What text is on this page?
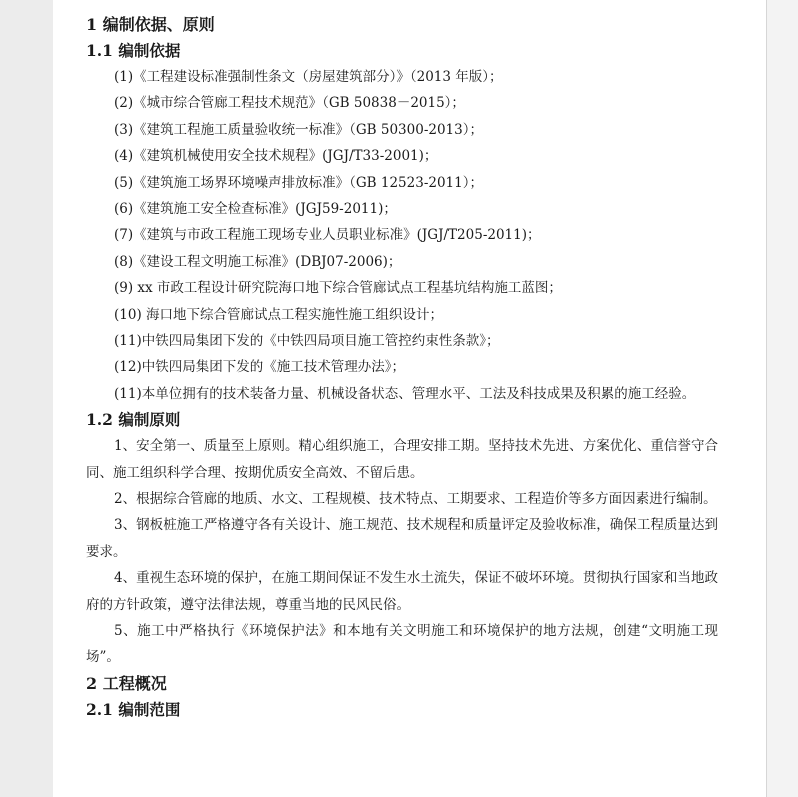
1 编制依据、原则
1.1 编制依据
(1)《工程建设标准强制性条文（房屋建筑部分）》（2013 年版）；
(2)《城市综合管廊工程技术规范》（GB 50838－2015）；
(3)《建筑工程施工质量验收统一标准》（GB 50300-2013）；
(4)《建筑机械使用安全技术规程》(JGJ/T33-2001)；
(5)《建筑施工场界环境噪声排放标准》（GB 12523-2011）；
(6)《建筑施工安全检查标准》(JGJ59-2011)；
(7)《建筑与市政工程施工现场专业人员职业标准》(JGJ/T205-2011)；
(8)《建设工程文明施工标准》(DBJ07-2006)；
(9) xx 市政工程设计研究院海口地下综合管廊试点工程基坑结构施工蓝图；
(10) 海口地下综合管廊试点工程实施性施工组织设计；
(11)中铁四局集团下发的《中铁四局项目施工管控约束性条款》；
(12)中铁四局集团下发的《施工技术管理办法》；
(11)本单位拥有的技术装备力量、机械设备状态、管理水平、工法及科技成果及积累的施工经验。
1.2 编制原则
1、安全第一、质量至上原则。精心组织施工，合理安排工期。坚持技术先进、方案优化、重信誉守合同、施工组织科学合理、按期优质安全高效、不留后患。
2、根据综合管廊的地质、水文、工程规模、技术特点、工期要求、工程造价等多方面因素进行编制。
3、钢板桩施工严格遵守各有关设计、施工规范、技术规程和质量评定及验收标准，确保工程质量达到要求。
4、重视生态环境的保护，在施工期间保证不发生水土流失，保证不破坏环境。贯彻执行国家和当地政府的方针政策，遵守法律法规，尊重当地的民风民俗。
5、施工中严格执行《环境保护法》和本地有关文明施工和环境保护的地方法规，创建“文明施工现场”。
2 工程概况
2.1 编制范围
